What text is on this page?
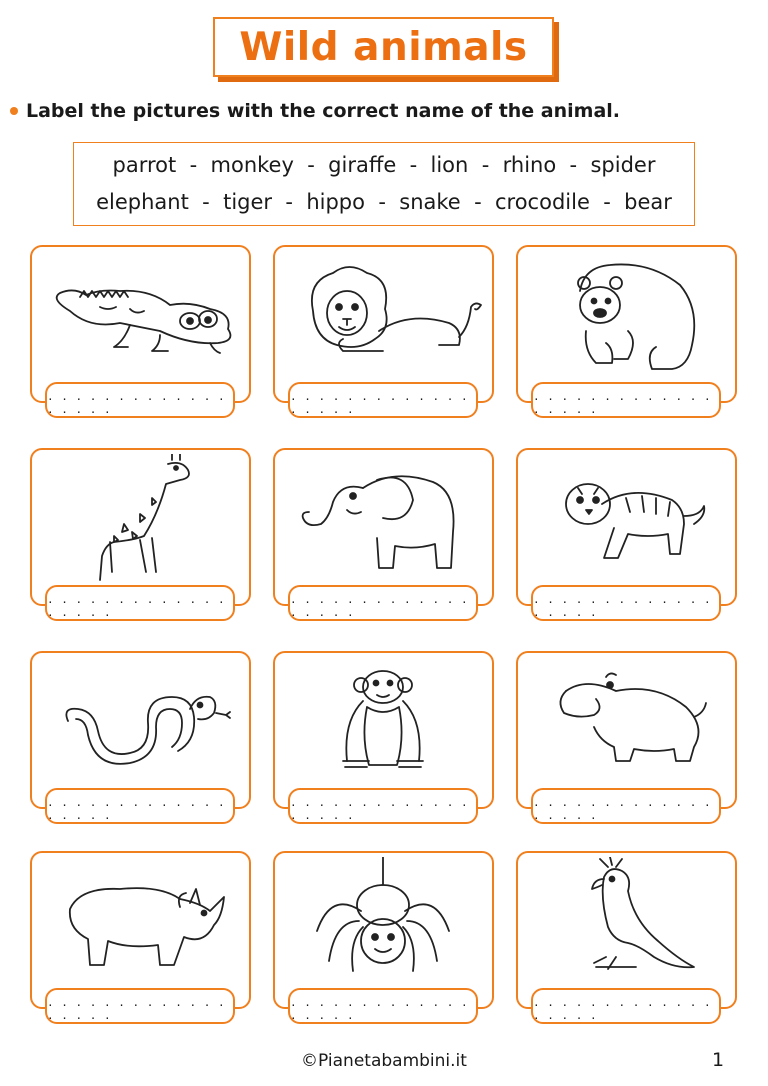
Wild animals
Label the pictures with the correct name of the animal.
parrot  -  monkey  -  giraffe  -  lion  -  rhino  -  spider
elephant  -  tiger  -  hippo  -  snake  -  crocodile  -  bear
. . . . . . . . . . . . . . . . . .
. . . . . . . . . . . . . . . . . .
. . . . . . . . . . . . . . . . . .
. . . . . . . . . . . . . . . . . .
. . . . . . . . . . . . . . . . . .
. . . . . . . . . . . . . . . . . .
. . . . . . . . . . . . . . . . . .
. . . . . . . . . . . . . . . . . .
. . . . . . . . . . . . . . . . . .
. . . . . . . . . . . . . . . . . .
. . . . . . . . . . . . . . . . . .
. . . . . . . . . . . . . . . . . .
©Pianetabambini.it	1
